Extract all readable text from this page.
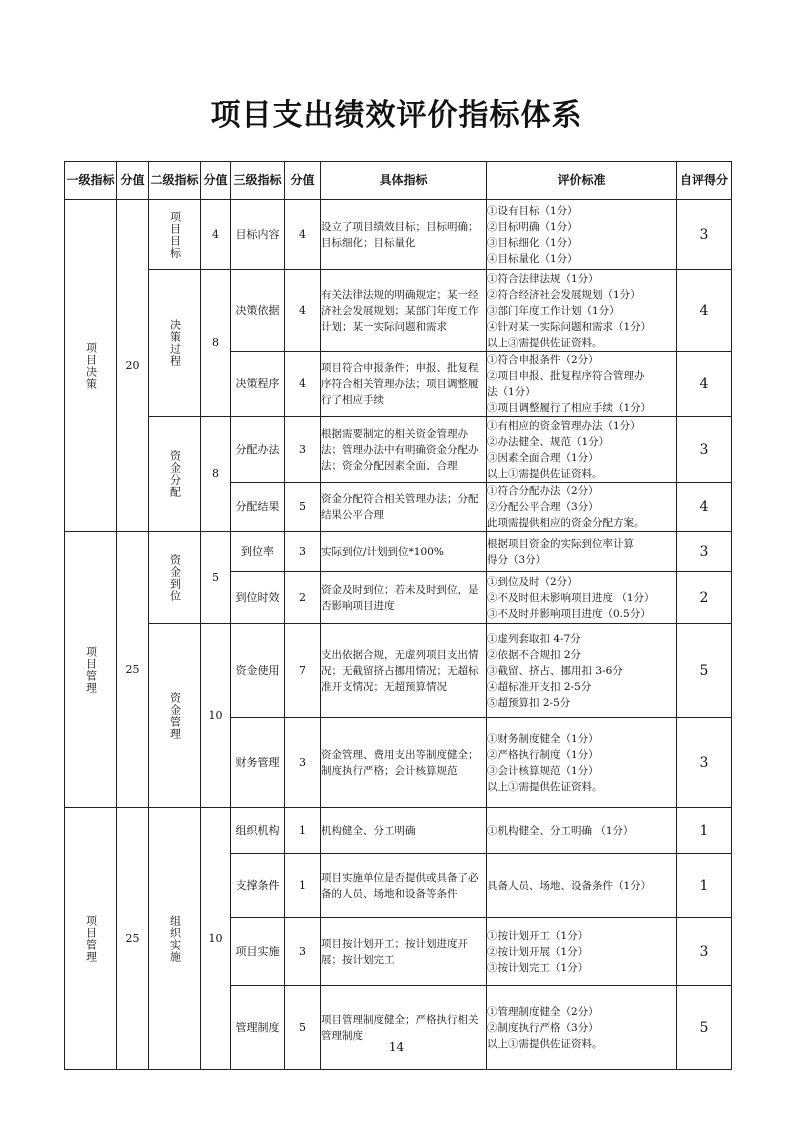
项目支出绩效评价指标体系
一级指标	分值	二级指标	分值	三级指标	分值	具体指标	评价标准	自评得分
项目决策	20	项目目标	4	目标内容	4	设立了项目绩效目标；目标明确；目标细化；目标量化	①设有目标（1分）
②目标明确（1分）
③目标细化（1分）
④目标量化（1分）	3
		决策过程	8	决策依据	4	有关法律法规的明确规定；某一经济社会发展规划；某部门年度工作计划；某一实际问题和需求	①符合法律法规（1分）
②符合经济社会发展规划（1分）
③部门年度工作计划（1分）
④针对某一实际问题和需求（1分）
以上③需提供佐证资料。	4
				决策程序	4	项目符合申报条件；申报、批复程序符合相关管理办法；项目调整履行了相应手续	①符合申报条件（2分）
②项目申报、批复程序符合管理办
法（1分）
③项目调整履行了相应手续（1分）	4
		资金分配	8	分配办法	3	根据需要制定的相关资金管理办法；管理办法中有明确资金分配办法；资金分配因素全面、合理	①有相应的资金管理办法（1分）
②办法健全、规范（1分）
③因素全面合理（1分）
以上①需提供佐证资料。	3
				分配结果	5	资金分配符合相关管理办法；分配结果公平合理	①符合分配办法（2分）
②分配公平合理（3分）
此项需提供相应的资金分配方案。	4
项目管理	25	资金到位	5	到位率	3	实际到位/计划到位*100%	根据项目资金的实际到位率计算
得分（3分）	3
				到位时效	2	资金及时到位；若未及时到位，是否影响项目进度	①到位及时（2分）
②不及时但未影响项目进度 （1分）
③不及时并影响项目进度（0.5分）	2
		资金管理	10	资金使用	7	支出依据合规，无虚列项目支出情况；无截留挤占挪用情况；无超标准开支情况；无超预算情况	①虚列套取扣 4-7分
②依据不合规扣 2分
③截留、挤占、挪用扣 3-6分
④超标准开支扣 2-5分
⑤超预算扣 2-5分	5
				财务管理	3	资金管理、费用支出等制度健全；制度执行严格；会计核算规范	①财务制度健全（1分）
②严格执行制度（1分）
③会计核算规范（1分）
以上①需提供佐证资料。	3
项目管理	25	组织实施	10	组织机构	1	机构健全、分工明确	①机构健全、分工明确 （1分）	1
				支撑条件	1	项目实施单位是否提供或具备了必备的人员、场地和设备等条件	具备人员、场地、设备条件（1分）	1
				项目实施	3	项目按计划开工；按计划进度开展；按计划完工	①按计划开工（1分）
②按计划开展（1分）
③按计划完工（1分）	3
				管理制度	5	项目管理制度健全；严格执行相关管理制度	①管理制度健全（2分）
②制度执行严格（3分）
以上①需提供佐证资料。	5
14
